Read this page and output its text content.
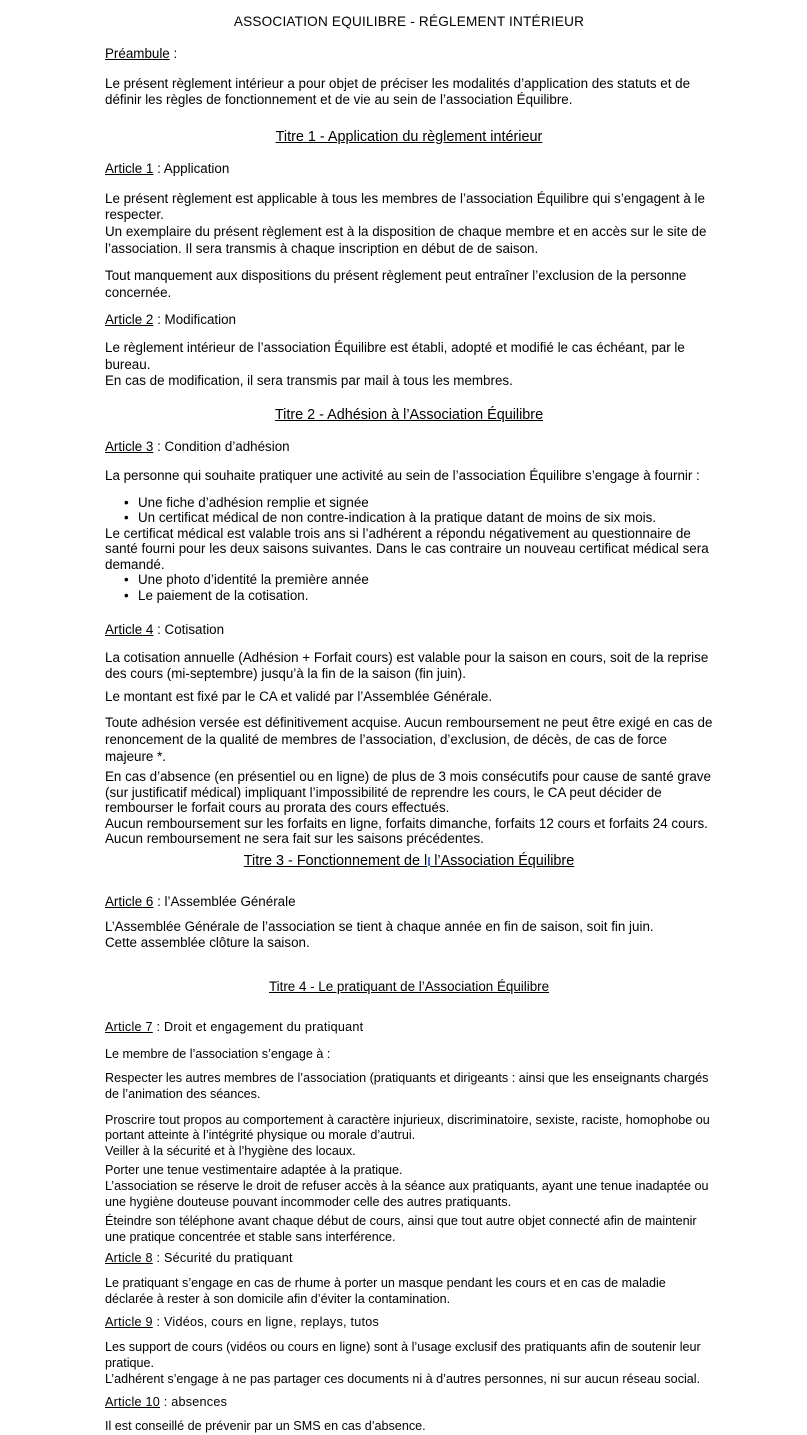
ASSOCIATION EQUILIBRE - RÉGLEMENT INTÉRIEUR
Préambule :
Le présent règlement intérieur a pour objet de préciser les modalités d’application des statuts et de définir les règles de fonctionnement et de vie au sein de l’association Équilibre.
Titre 1 - Application du règlement intérieur
Article 1 : Application
Le présent règlement est applicable à tous les membres de l’association Équilibre qui s’engagent à le respecter.
Un exemplaire du présent règlement est à la disposition de chaque membre et en accès sur le site de l’association. Il sera transmis à chaque inscription en début de de saison.
Tout manquement aux dispositions du présent règlement peut entraîner l’exclusion de la personne concernée.
Article 2 : Modification
Le règlement intérieur de l’association Équilibre est établi, adopté et modifié le cas échéant, par le bureau.
En cas de modification, il sera transmis par mail à tous les membres.
Titre 2 - Adhésion à l’Association Équilibre
Article 3 : Condition d’adhésion
La personne qui souhaite pratiquer une activité au sein de l’association Équilibre s’engage à fournir :
• Une fiche d’adhésion remplie et signée
• Un certificat médical de non contre-indication à la pratique datant de moins de six mois.
Le certificat médical est valable trois ans si l’adhérent a répondu négativement au questionnaire de santé fourni pour les deux saisons suivantes. Dans le cas contraire un nouveau certificat médical sera demandé.
• Une photo d’identité la première année
• Le paiement de la cotisation.
Article 4 : Cotisation
La cotisation annuelle (Adhésion + Forfait cours) est valable pour la saison en cours, soit de la reprise des cours (mi-septembre) jusqu’à la fin de la saison (fin juin).
Le montant est fixé par le CA et validé par l’Assemblée Générale.
Toute adhésion versée est définitivement acquise. Aucun remboursement ne peut être exigé en cas de renoncement de la qualité de membres de l’association, d’exclusion, de décès, de cas de force majeure *.
En cas d’absence (en présentiel ou en ligne) de plus de 3 mois consécutifs pour cause de santé grave (sur justificatif médical) impliquant l’impossibilité de reprendre les cours, le CA peut décider de rembourser le forfait cours au prorata des cours effectués.
Aucun remboursement sur les forfaits en ligne, forfaits dimanche, forfaits 12 cours et forfaits 24 cours.
Aucun remboursement ne sera fait sur les saisons précédentes.
Titre 3 - Fonctionnement de l l’Association Équilibre
Article 6 : l’Assemblée Générale
L’Assemblée Générale de l’association se tient à chaque année en fin de saison, soit fin juin.
Cette assemblée clôture la saison.
Titre 4 - Le pratiquant de l’Association Équilibre
Article 7 : Droit et engagement du pratiquant
Le membre de l’association s’engage à :
Respecter les autres membres de l’association (pratiquants et dirigeants : ainsi que les enseignants chargés de l’animation des séances.
Proscrire tout propos au comportement à caractère injurieux, discriminatoire, sexiste, raciste, homophobe ou portant atteinte à l’intégrité physique ou morale d’autrui.
Veiller à la sécurité et à l’hygiène des locaux.
Porter une tenue vestimentaire adaptée à la pratique.
L’association se réserve le droit de refuser accès à la séance aux pratiquants, ayant une tenue inadaptée ou une hygiène douteuse pouvant incommoder celle des autres pratiquants.
Éteindre son téléphone avant chaque début de cours, ainsi que tout autre objet connecté afin de maintenir une pratique concentrée et stable sans interférence.
Article 8 : Sécurité du pratiquant
Le pratiquant s’engage en cas de rhume à porter un masque pendant les cours et en cas de maladie déclarée à rester à son domicile afin d’éviter la contamination.
Article 9 : Vidéos, cours en ligne, replays, tutos
Les support de cours (vidéos ou cours en ligne) sont à l’usage exclusif des pratiquants afin de soutenir leur pratique.
L’adhérent s’engage à ne pas partager ces documents ni à d’autres personnes, ni sur aucun réseau social.
Article 10 : absences
Il est conseillé de prévenir par un SMS en cas d’absence.
